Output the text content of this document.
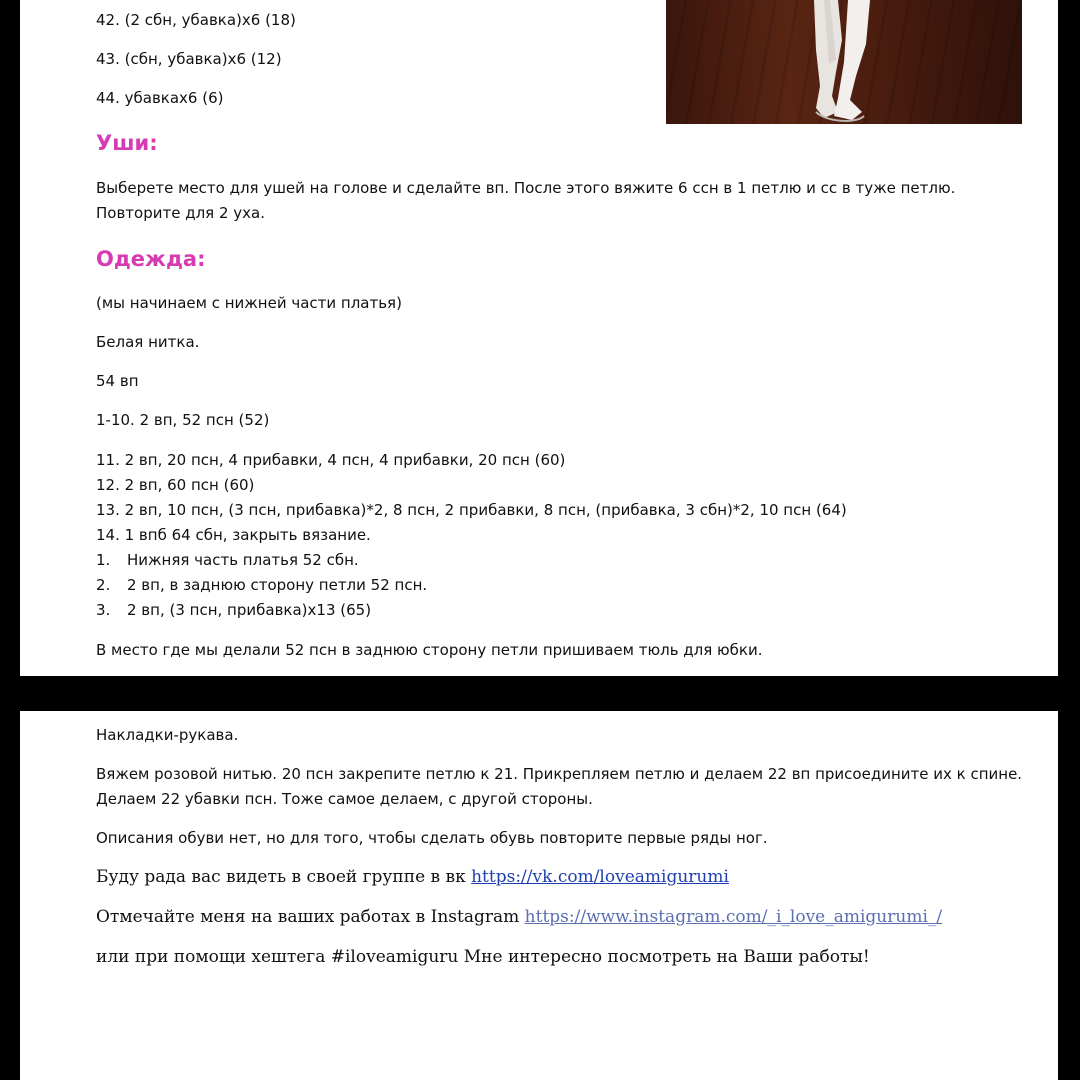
42. (2 сбн, убавка)х6 (18)
43. (сбн, убавка)х6 (12)
44. убавках6 (6)
Уши:
Выберете место для ушей на голове и сделайте вп. После этого вяжите 6 ссн в 1 петлю и сс в туже петлю.
Повторите для 2 уха.
Одежда:
(мы начинаем с нижней части платья)
Белая нитка.
54 вп
1-10. 2 вп, 52 псн (52)
11. 2 вп, 20 псн, 4 прибавки, 4 псн, 4 прибавки, 20 псн (60)
12. 2 вп, 60 псн (60)
13. 2 вп, 10 псн, (3 псн, прибавка)*2, 8 псн, 2 прибавки, 8 псн, (прибавка, 3 сбн)*2, 10 псн (64)
14. 1 впб 64 сбн, закрыть вязание.
1. Нижняя часть платья 52 сбн.
2. 2 вп, в заднюю сторону петли 52 псн.
3. 2 вп, (3 псн, прибавка)х13 (65)
В место где мы делали 52 псн в заднюю сторону петли пришиваем тюль для юбки.
Накладки-рукава.
Вяжем розовой нитью. 20 псн закрепите петлю к 21. Прикрепляем петлю и делаем 22 вп присоедините их к спине.
Делаем 22 убавки псн. Тоже самое делаем, с другой стороны.
Описания обуви нет, но для того, чтобы сделать обувь повторите первые ряды ног.
Буду рада вас видеть в своей группе в вк https://vk.com/loveamigurumi
Отмечайте меня на ваших работах в Instagram https://www.instagram.com/_i_love_amigurumi_/
или при помощи хештега #iloveamiguru Мне интересно посмотреть на Ваши работы!
